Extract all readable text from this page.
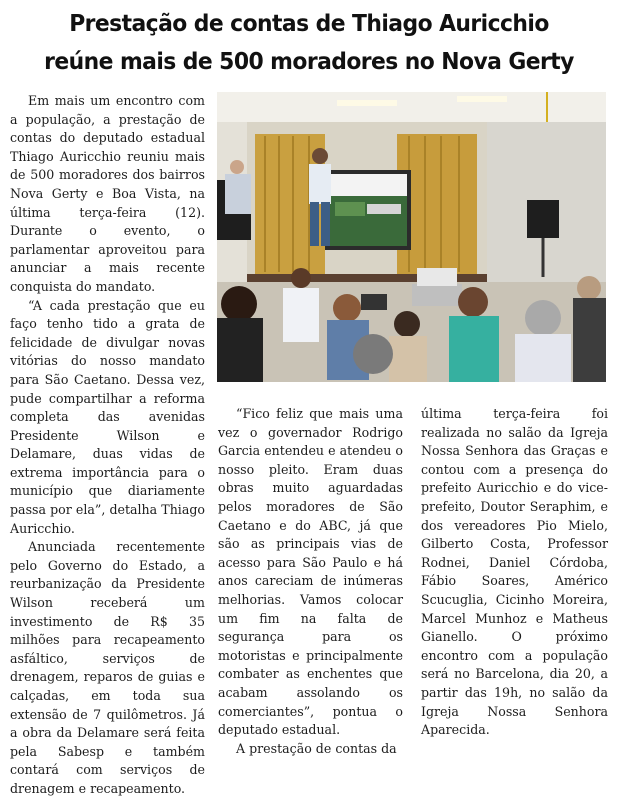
Prestação de contas de Thiago Auricchio
reúne mais de 500 moradores no Nova Gerty

Em mais um encontro com a população, a prestação de contas do deputado estadual Thiago Auricchio reuniu mais de 500 moradores dos bairros Nova Gerty e Boa Vista, na última terça-feira (12). Durante o evento, o parlamentar aproveitou para anunciar a mais recente conquista do mandato.

“A cada prestação que eu faço tenho tido a grata de felicidade de divulgar novas vitórias do nosso mandato para São Caetano. Dessa vez, pude compartilhar a reforma completa das avenidas Presidente Wilson e Delamare, duas vidas de extrema importância para o município que diariamente passa por ela”, detalha Thiago Auricchio.

Anunciada recentemente pelo Governo do Estado, a reurbanização da Presidente Wilson receberá um investimento de R$ 35 milhões para recapeamento asfáltico, serviços de drenagem, reparos de guias e calçadas, em toda sua extensão de 7 quilômetros. Já a obra da Delamare será feita pela Sabesp e também contará com serviços de drenagem e recapeamento.

“Fico feliz que mais uma vez o governador Rodrigo Garcia entendeu e atendeu o nosso pleito. Eram duas obras muito aguardadas pelos moradores de São Caetano e do ABC, já que são as principais vias de acesso para São Paulo e há anos careciam de inúmeras melhorias. Vamos colocar um fim na falta de segurança para os motoristas e principalmente combater as enchentes que acabam assolando os comerciantes”, pontua o deputado estadual.

A prestação de contas da

última terça-feira foi realizada no salão da Igreja Nossa Senhora das Graças e contou com a presença do prefeito Auricchio e do vice-prefeito, Doutor Seraphim, e dos vereadores Pio Mielo, Gilberto Costa, Professor Rodnei, Daniel Córdoba, Fábio Soares, Américo Scucuglia, Cicinho Moreira, Marcel Munhoz e Matheus Gianello. O próximo encontro com a população será no Barcelona, dia 20, a partir das 19h, no salão da Igreja Nossa Senhora Aparecida.
